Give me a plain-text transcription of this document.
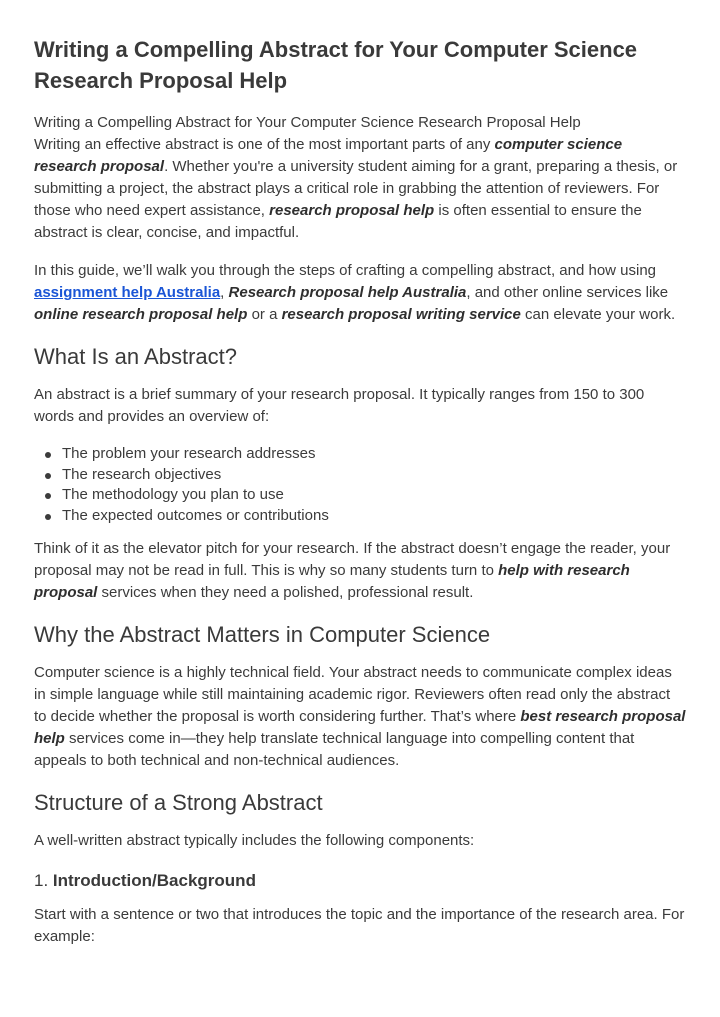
Writing a Compelling Abstract for Your Computer Science Research Proposal Help

Writing a Compelling Abstract for Your Computer Science Research Proposal Help

Writing an effective abstract is one of the most important parts of any computer science research proposal. Whether you're a university student aiming for a grant, preparing a thesis, or submitting a project, the abstract plays a critical role in grabbing the attention of reviewers. For those who need expert assistance, research proposal help is often essential to ensure the abstract is clear, concise, and impactful.

In this guide, we’ll walk you through the steps of crafting a compelling abstract, and how using assignment help Australia, Research proposal help Australia, and other online services like online research proposal help or a research proposal writing service can elevate your work.

What Is an Abstract?

An abstract is a brief summary of your research proposal. It typically ranges from 150 to 300 words and provides an overview of:

The problem your research addresses
The research objectives
The methodology you plan to use
The expected outcomes or contributions

Think of it as the elevator pitch for your research. If the abstract doesn’t engage the reader, your proposal may not be read in full. This is why so many students turn to help with research proposal services when they need a polished, professional result.

Why the Abstract Matters in Computer Science

Computer science is a highly technical field. Your abstract needs to communicate complex ideas in simple language while still maintaining academic rigor. Reviewers often read only the abstract to decide whether the proposal is worth considering further. That’s where best research proposal help services come in—they help translate technical language into compelling content that appeals to both technical and non-technical audiences.

Structure of a Strong Abstract

A well-written abstract typically includes the following components:

1. Introduction/Background

Start with a sentence or two that introduces the topic and the importance of the research area. For example:
